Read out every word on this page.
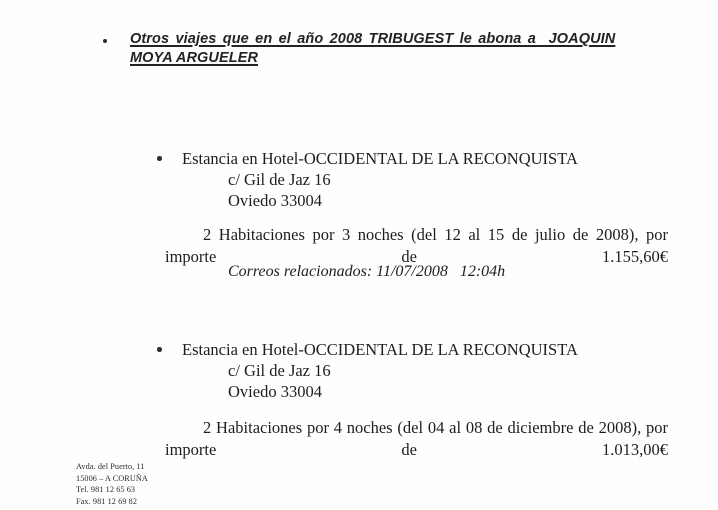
Otros viajes que en el año 2008 TRIBUGEST le abona a  JOAQUIN
MOYA ARGUELER
Estancia en Hotel-OCCIDENTAL DE LA RECONQUISTA
c/ Gil de Jaz 16
Oviedo 33004
2 Habitaciones por 3 noches (del 12 al 15 de julio de 2008), por importe de 1.155,60€
Correos relacionados: 11/07/2008   12:04h
Estancia en Hotel-OCCIDENTAL DE LA RECONQUISTA
c/ Gil de Jaz 16
Oviedo 33004
2 Habitaciones por 4 noches (del 04 al 08 de diciembre de 2008), por importe de 1.013,00€
Avda. del Puerto, 11
15006 – A CORUÑA
Tel. 981 12 65 63
Fax. 981 12 69 82
